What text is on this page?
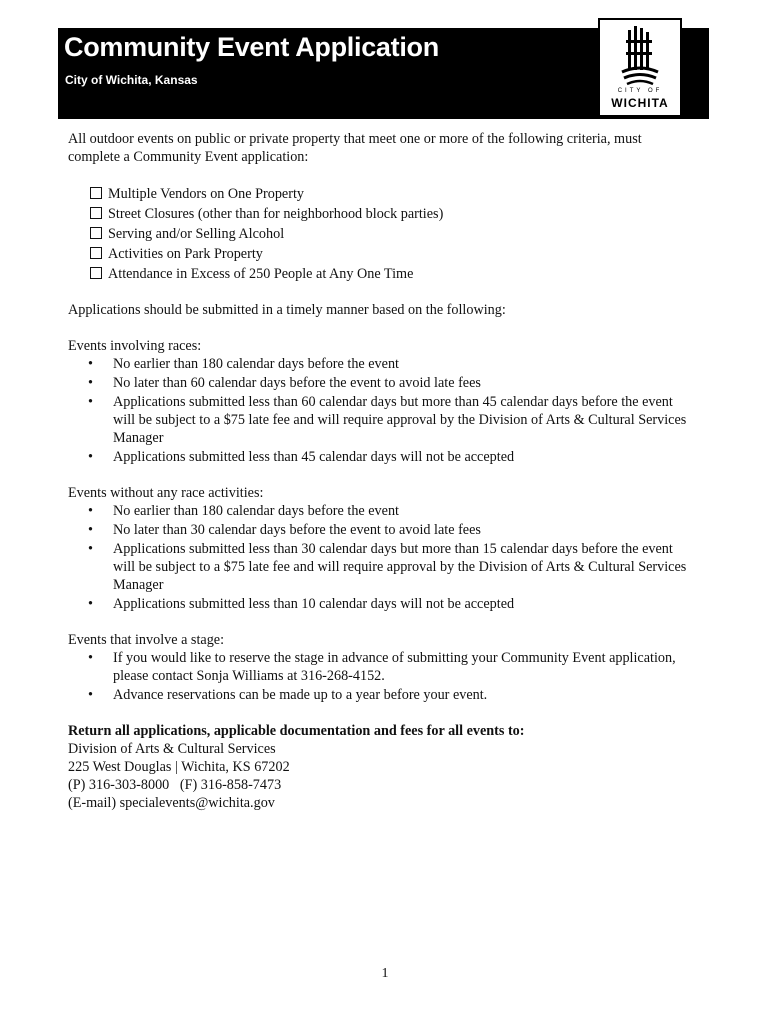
Community Event Application
City of Wichita, Kansas
CITY OF
WICHITA

All outdoor events on public or private property that meet one or more of the following criteria, must complete a Community Event application:

Multiple Vendors on One Property
Street Closures (other than for neighborhood block parties)
Serving and/or Selling Alcohol
Activities on Park Property
Attendance in Excess of 250 People at Any One Time

Applications should be submitted in a timely manner based on the following:

Events involving races:

• No earlier than 180 calendar days before the event
• No later than 60 calendar days before the event to avoid late fees
• Applications submitted less than 60 calendar days but more than 45 calendar days before the event will be subject to a $75 late fee and will require approval by the Division of Arts & Cultural Services Manager
• Applications submitted less than 45 calendar days will not be accepted

Events without any race activities:

• No earlier than 180 calendar days before the event
• No later than 30 calendar days before the event to avoid late fees
• Applications submitted less than 30 calendar days but more than 15 calendar days before the event will be subject to a $75 late fee and will require approval by the Division of Arts & Cultural Services Manager
• Applications submitted less than 10 calendar days will not be accepted

Events that involve a stage:

• If you would like to reserve the stage in advance of submitting your Community Event application, please contact Sonja Williams at 316-268-4152.
• Advance reservations can be made up to a year before your event.

Return all applications, applicable documentation and fees for all events to:

Division of Arts & Cultural Services

225 West Douglas | Wichita, KS 67202

(P) 316-303-8000   (F) 316-858-7473

(E-mail) specialevents@wichita.gov

1
